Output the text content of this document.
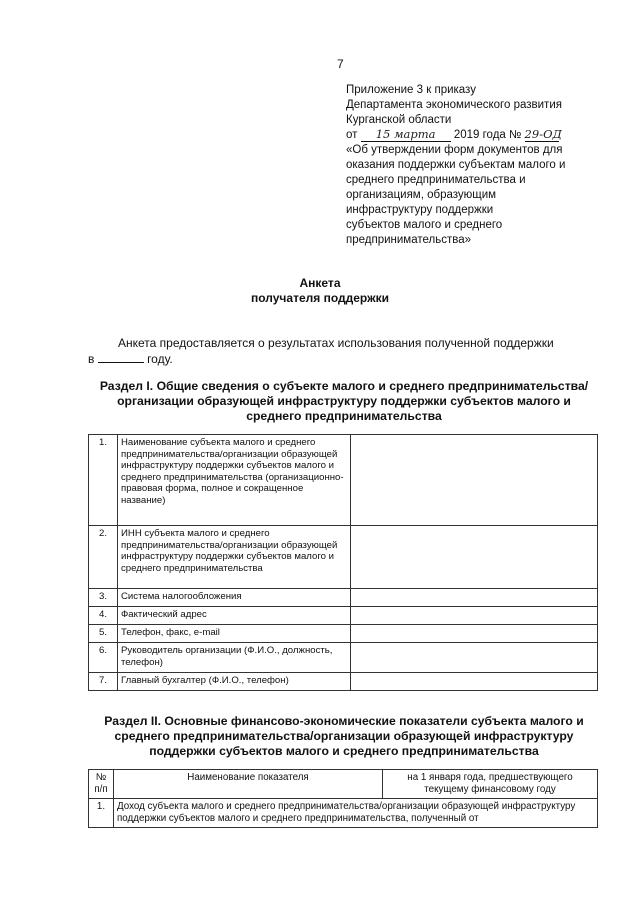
7
Приложение 3 к приказу
Департамента экономического развития
Курганской области
от 15 марта 2019 года № 29-ОД
«Об утверждении форм документов для
оказания поддержки субъектам малого и
среднего предпринимательства и
организациям, образующим
инфраструктуру поддержки
субъектов малого и среднего
предпринимательства»
Анкета
получателя поддержки
Анкета предоставляется о результатах использования полученной поддержки
в	году.
Раздел I. Общие сведения о субъекте малого и среднего предпринимательства/организации образующей инфраструктуру поддержки субъектов малого и среднего предпринимательства
1.	Наименование субъекта малого и среднего предпринимательства/организации образующей инфраструктуру поддержки субъектов малого и среднего предпринимательства (организационно-правовая форма, полное и сокращенное название)	
2.	ИНН субъекта малого и среднего предпринимательства/организации образующей инфраструктуру поддержки субъектов малого и среднего предпринимательства	
3.	Система налогообложения	
4.	Фактический адрес	
5.	Телефон, факс, e-mail	
6.	Руководитель организации (Ф.И.О., должность, телефон)	
7.	Главный бухгалтер (Ф.И.О., телефон)	
Раздел II. Основные финансово-экономические показатели субъекта малого и среднего предпринимательства/организации образующей инфраструктуру поддержки субъектов малого и среднего предпринимательства
№ п/п	Наименование показателя	на 1 января года, предшествующего текущему финансовому году
1.	Доход субъекта малого и среднего предпринимательства/организации образующей инфраструктуру поддержки субъектов малого и среднего предпринимательства, полученный от	
